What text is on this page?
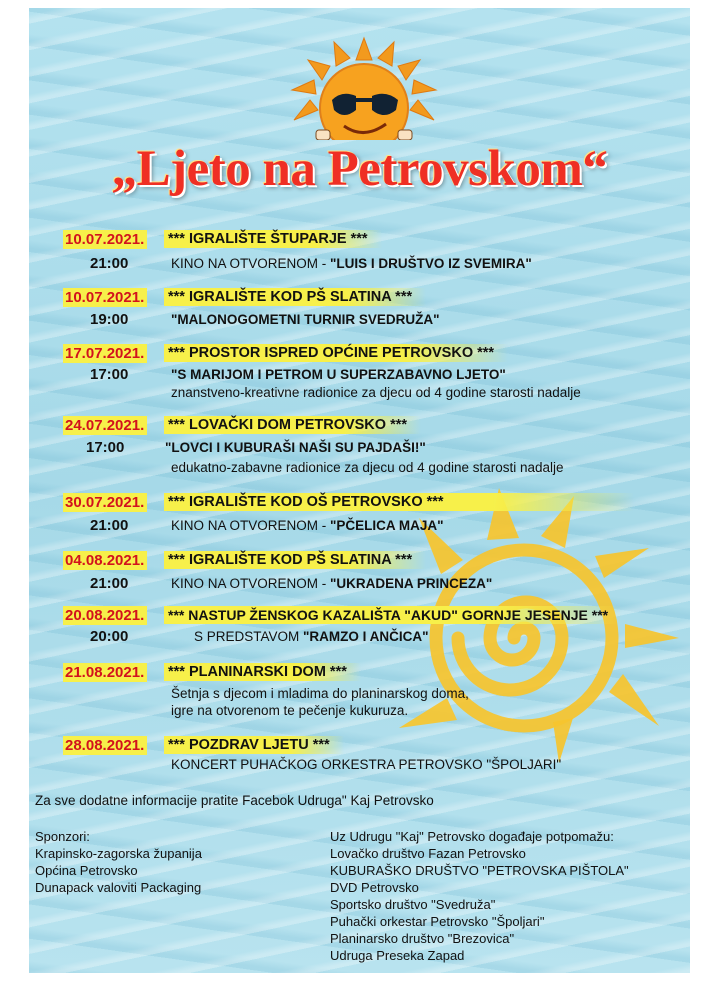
„Ljeto na Petrovskom“
10.07.2021. *** IGRALIŠTE ŠTUPARJE ***
21:00	KINO NA OTVORENOM - "LUIS I DRUŠTVO IZ SVEMIRA"
10.07.2021. *** IGRALIŠTE KOD PŠ SLATINA ***
19:00	"MALONOGOMETNI TURNIR SVEDRUŽA"
17.07.2021. *** PROSTOR ISPRED OPĆINE PETROVSKO ***
17:00	"S MARIJOM I PETROM U SUPERZABAVNO LJETO"
znanstveno-kreativne radionice za djecu od 4 godine starosti nadalje
24.07.2021. *** LOVAČKI DOM PETROVSKO ***
17:00	"LOVCI I KUBURAŠI NAŠI SU PAJDAŠI!"
edukatno-zabavne radionice za djecu od 4 godine starosti nadalje
30.07.2021. *** IGRALIŠTE KOD OŠ PETROVSKO ***
21:00	KINO NA OTVORENOM - "PČELICA MAJA"
04.08.2021. *** IGRALIŠTE KOD PŠ SLATINA ***
21:00	KINO NA OTVORENOM - "UKRADENA PRINCEZA"
20.08.2021. *** NASTUP ŽENSKOG KAZALIŠTA "AKUD" GORNJE JESENJE ***
20:00	S PREDSTAVOM "RAMZO I ANČICA"
21.08.2021. *** PLANINARSKI DOM ***
Šetnja s djecom i mladima do planinarskog doma,
igre na otvorenom te pečenje kukuruza.
28.08.2021. *** POZDRAV LJETU ***
KONCERT PUHAČKOG ORKESTRA PETROVSKO "ŠPOLJARI"
Za sve dodatne informacije pratite Facebok Udruga" Kaj Petrovsko
Sponzori:
Krapinsko-zagorska županija
Općina Petrovsko
Dunapack valoviti Packaging
Uz Udrugu "Kaj" Petrovsko događaje potpomažu:
Lovačko društvo Fazan Petrovsko
KUBURAŠKO DRUŠTVO "PETROVSKA PIŠTOLA"
DVD Petrovsko
Sportsko društvo "Svedruža"
Puhački orkestar Petrovsko "Špoljari"
Planinarsko društvo "Brezovica"
Udruga Preseka Zapad
